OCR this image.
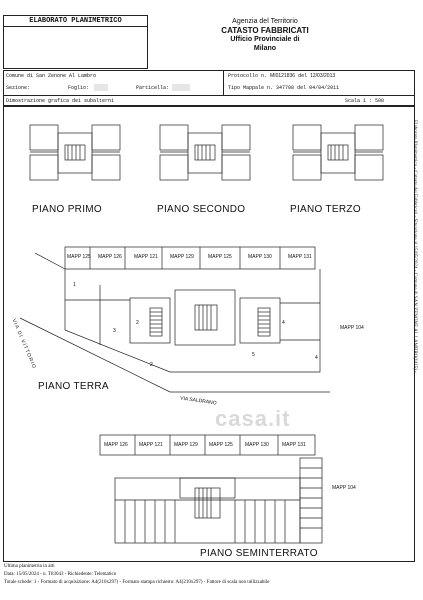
ELABORATO PLANIMETRICO	Agenzia del Territorio
CATASTO FABBRICATI
Ufficio Provinciale di
Milano
Comune di San Zenone Al Lambro
Sezione:	Foglio:	Particella:
Protocollo n. MI0121836 del 12/03/2013
Tipo Mappale n. 347708 del 04/04/2011
Dimostrazione grafica dei subalterni	Scala 1 : 500
1
3
2	4
5
2
4
PIANO PRIMO	PIANO SECONDO	PIANO TERZO
PIANO TERRA
PIANO SEMINTERRATO
VIA DI VITTORIO
VIA SALDRANO
MAPP 125 MAPP 126 MAPP 121 MAPP 129	MAPP 125	MAPP 130	MAPP 131
MAPP 104
MAPP 126 MAPP 121 MAPP 129 MAPP 125 MAPP 130	MAPP 131
MAPP 104
casa.it
Elaborato Planimetrico - Catasto dei Fabbricati - Situazione al 15/05/2024 - Comune di SAN ZENONE AL LAMBRO(I415) -
Ultima planimetria in atti
Data: 15/05/2024 - n. T83043 - Richiedente: Telematico
Totale schede: 1 - Formato di acquisizione: A4(210x297) - Formato stampa richiesto: A4(210x297) - Fattore di scala non utilizzabile
